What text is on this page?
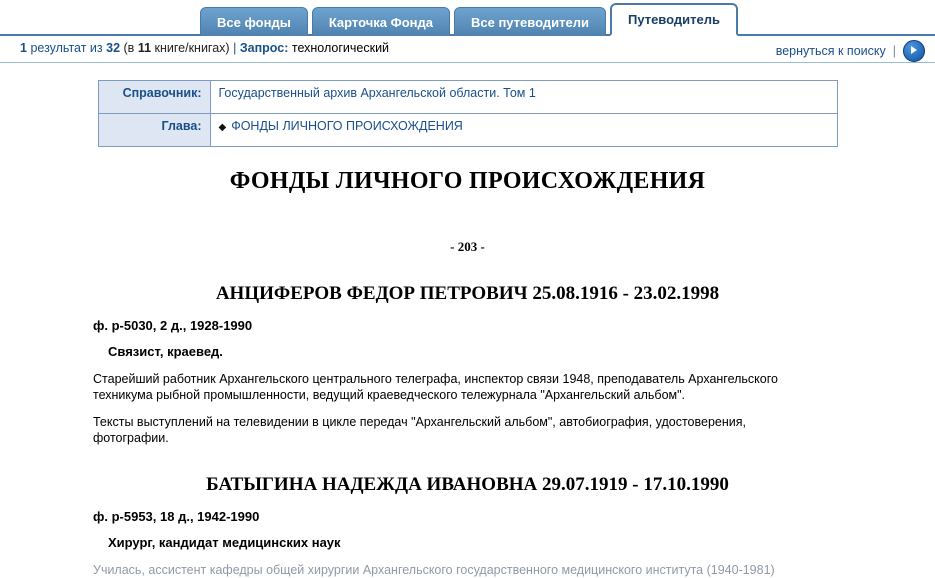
Все фонды	Карточка Фонда	Все путеводители	Путеводитель
1 результат из 32 (в 11 книге/книгах) | Запрос: технологический	вернуться к поиску |
Справочник:	Государственный архив Архангельской области. Том 1
Глава:	◆ ФОНДЫ ЛИЧНОГО ПРОИСХОЖДЕНИЯ
ФОНДЫ ЛИЧНОГО ПРОИСХОЖДЕНИЯ
- 203 -
АНЦИФЕРОВ ФЕДОР ПЕТРОВИЧ 25.08.1916 - 23.02.1998
ф. р-5030, 2 д., 1928-1990
Связист, краевед.
Старейший работник Архангельского центрального телеграфа, инспектор связи 1948, преподаватель Архангельского техникума рыбной промышленности, ведущий краеведческого тележурнала "Архангельский альбом".
Тексты выступлений на телевидении в цикле передач "Архангельский альбом", автобиография, удостоверения, фотографии.
БАТЫГИНА НАДЕЖДА ИВАНОВНА 29.07.1919 - 17.10.1990
ф. р-5953, 18 д., 1942-1990
Хирург, кандидат медицинских наук
Училась, ассистент кафедры общей хирургии Архангельского государственного медицинского института (1940-1981)
